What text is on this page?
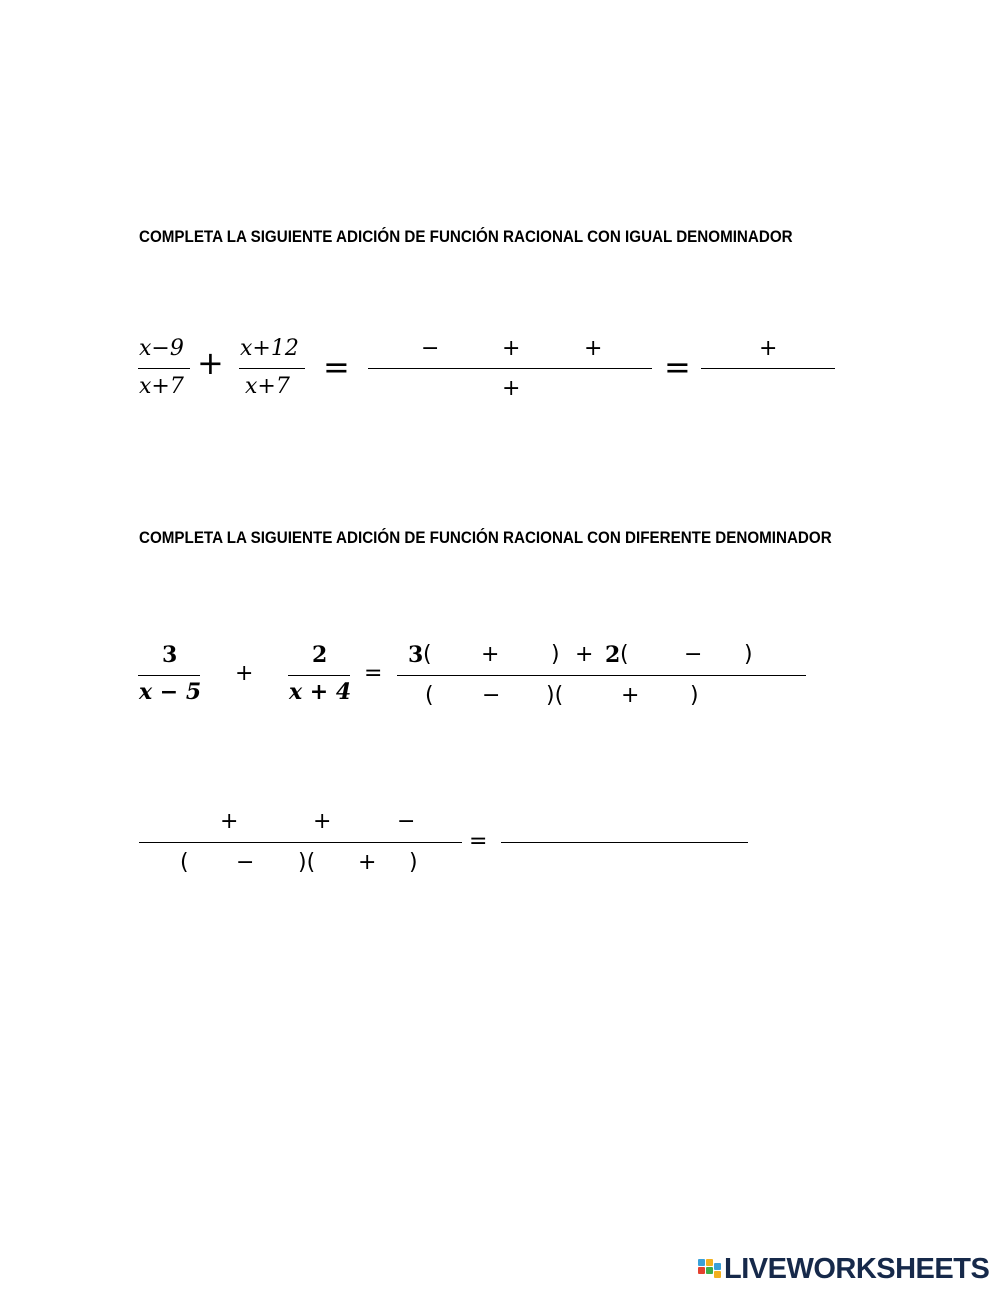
COMPLETA LA SIGUIENTE ADICIÓN DE FUNCIÓN RACIONAL CON IGUAL DENOMINADOR
x−9
x+7
+ x+12
x+7
=	−	+	+
+
=	+
COMPLETA LA SIGUIENTE ADICIÓN DE FUNCIÓN RACIONAL CON DIFERENTE DENOMINADOR
3
x − 5
+
2
x + 4
=
3 ( + ) + 2 (	− )
( − )(	+ )
+	+	−
( − )( + )
=
LIVEWORKSHEETS
